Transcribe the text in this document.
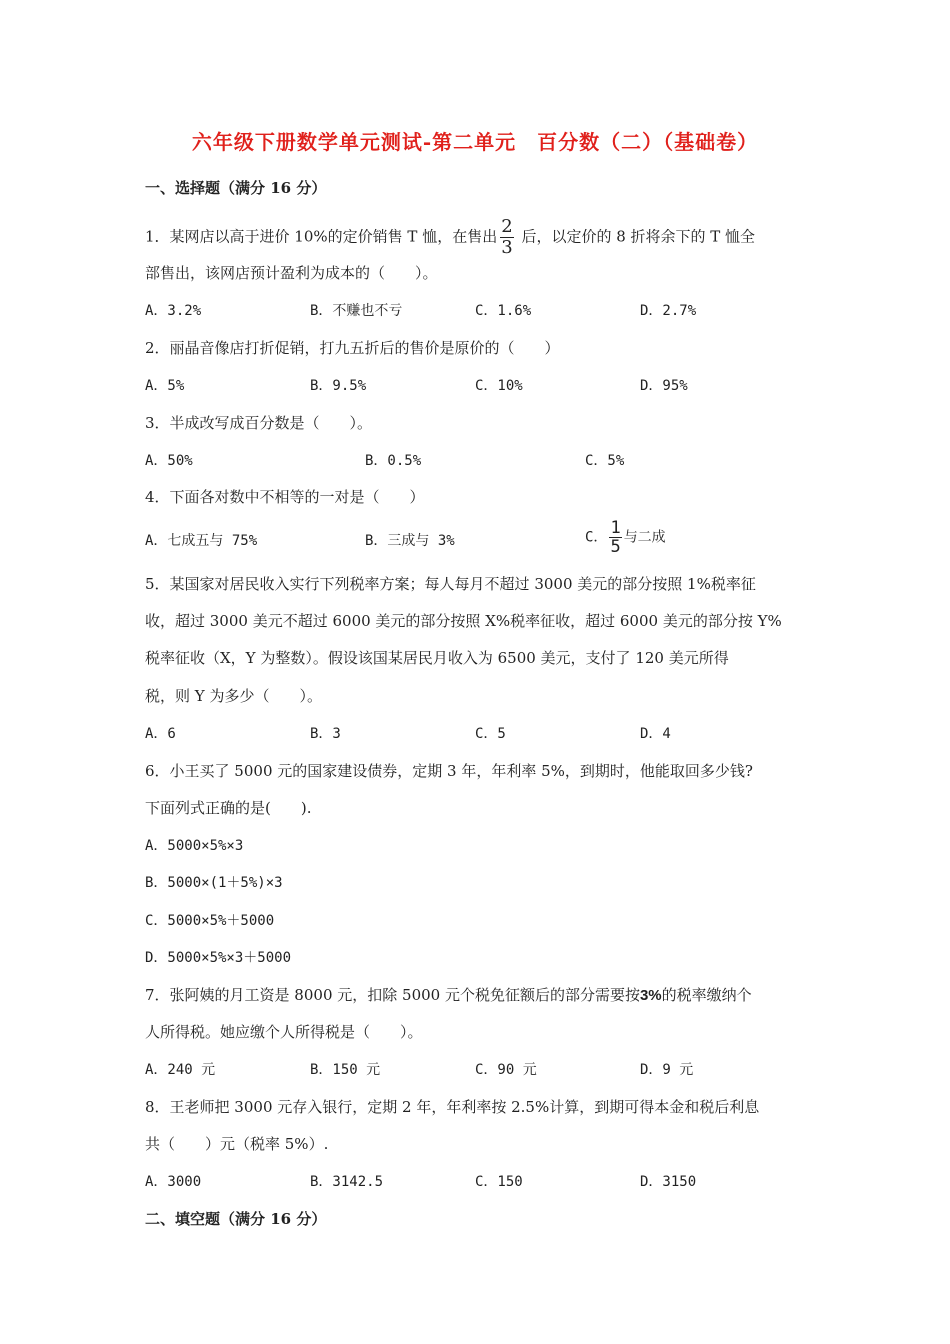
六年级下册数学单元测试-第二单元　百分数（二）（基础卷）
一、选择题（满分 16 分）
1．某网店以高于进价 10%的定价销售 T 恤，在售出 $\frac{2}{3}$ 后，以定价的 8 折将余下的 T 恤全
部售出，该网店预计盈利为成本的（　　）。
A．3.2%	B．不赚也不亏	C．1.6%	D．2.7%
2．丽晶音像店打折促销，打九五折后的售价是原价的（　　）
A．5%	B．9.5%	C．10%	D．95%
3．半成改写成百分数是（　　）。
A．50%	B．0.5%	C．5%
4．下面各对数中不相等的一对是（　　）
A．七成五与 75%	B．三成与 3%	C． $\frac{1}{5}$ 与二成
5．某国家对居民收入实行下列税率方案；每人每月不超过 3000 美元的部分按照 1%税率征
收，超过 3000 美元不超过 6000 美元的部分按照 X%税率征收，超过 6000 美元的部分按 Y%
税率征收（X，Y 为整数）。假设该国某居民月收入为 6500 美元，支付了 120 美元所得
税，则 Y 为多少（　　）。
A．6	B．3	C．5	D．4
6．小王买了 5000 元的国家建设债券，定期 3 年，年利率 5%，到期时，他能取回多少钱?
下面列式正确的是(　　).
A．5000×5%×3
B．5000×(1＋5%)×3
C．5000×5%＋5000
D．5000×5%×3＋5000
7．张阿姨的月工资是 8000 元，扣除 5000 元个税免征额后的部分需要按3%的税率缴纳个
人所得税。她应缴个人所得税是（　　）。
A．240 元	B．150 元	C．90 元	D．9 元
8．王老师把 3000 元存入银行，定期 2 年，年利率按 2.5%计算，到期可得本金和税后利息
共（　　）元（税率 5%）.
A．3000	B．3142.5	C．150	D．3150
二、填空题（满分 16 分）
